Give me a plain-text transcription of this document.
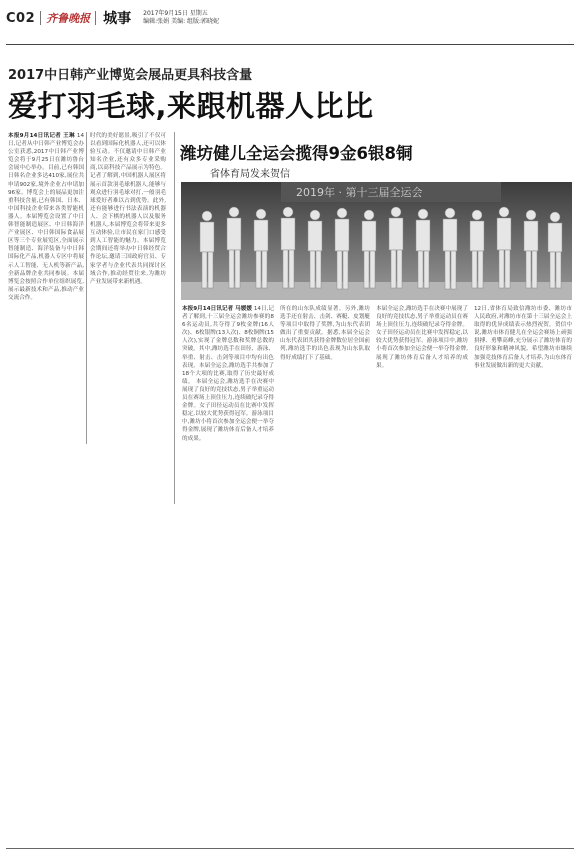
C02 齐鲁晚报 城事 2017年9月15日 星期五
编辑:张娟 美编: 组版:郭晓妮
2017中日韩产业博览会展品更具科技含量
爱打羽毛球,来跟机器人比比
本报9月14日讯记者 王琳 14日,记者从中日韩产业博览会办公室获悉,2017中日韩产业博览会将于9月25日在潍坊鲁台会展中心举办。目前,已有韩国日韩名企业多达410家,展位共申请902家,境外企业占申请加96家。博览会上的展品更加注重科技含量,已有韩国、日本、中国科技企业带来各类智能机器人。本届博览会设置了中日韩智能制造展区、中日韩海洋产业展区、中日韩国际食品展区等三个专业展览区,全面展示智能制造、海洋装备与中日韩国际化产品,机器人专区中将展示人工智能、无人机等新产品,全新品牌企业共同参展。本届博览会按照合作单位组织展览,展示最新技术和产品,推动产业交流合作。
时代的美好愿景,吸引了不仅可以看到国际化机器人,还可以体验互动。不仅邀请中日韩产业知名企业,还有众多专业采购商,以高科技产品展示为特色。记者了解到,中国机器人展区将展示首款羽毛球机器人,能够与观众进行羽毛球对打,一般羽毛球爱好者难以占到优势。此外,还有能够进行书法表演的机器人、会下棋的机器人以及服务机器人,本届博览会将带来更多互动体验,让市民在家门口感受到人工智能的魅力。本届博览会期间还将举办中日韩经贸合作论坛,邀请三国政府官员、专家学者与企业代表共同探讨区域合作,推动经贸往来,为潍坊产业发展带来新机遇。
潍坊健儿全运会揽得9金6银8铜
省体育局发来贺信
2019年 · 第十三届全运会
本报9月14日讯记者 马媛媛 14日,记者了解到,十三届全运会潍坊参赛的86名运动员,共夺得了9枚金牌(16人次)、6枚银牌(13人次)、8枚铜牌(15人次),实现了金牌总数和奖牌总数的突破。其中,潍坊选手在田径、游泳、举重、射击、击剑等项目中均有出色表现。本届全运会,潍坊选手共参加了18个大项的比赛,取得了历史最好成绩。 本届全运会,潍坊选手在决赛中展现了良好的竞技状态,男子举重运动员在赛场上顶住压力,连续破纪录夺得金牌。女子田径运动员在比赛中发挥稳定,以较大优势获得冠军。游泳项目中,潍坊小将首次参加全运会便一举夺得金牌,展现了潍坊体育后备人才培养的成果。
所在的山东队成绩显著。另外,潍坊选手还在射击、击剑、赛艇、皮划艇等项目中取得了奖牌,为山东代表团做出了重要贡献。据悉,本届全运会山东代表团共获得金牌数位居全国前列,潍坊选手的出色表现为山东队取得好成绩打下了基础。
本届全运会,潍坊选手在决赛中展现了良好的竞技状态,男子举重运动员在赛场上顶住压力,连续破纪录夺得金牌。女子田径运动员在比赛中发挥稳定,以较大优势获得冠军。游泳项目中,潍坊小将首次参加全运会便一举夺得金牌,展现了潍坊体育后备人才培养的成果。
12日,省体育局致信潍坊市委、潍坊市人民政府,对潍坊市在第十三届全运会上取得的优异成绩表示热烈祝贺。贺信中说,潍坊市体育健儿在全运会赛场上顽强拼搏、勇攀高峰,充分展示了潍坊体育的良好形象和精神风貌。希望潍坊市继续加强竞技体育后备人才培养,为山东体育事业发展做出新的更大贡献。
